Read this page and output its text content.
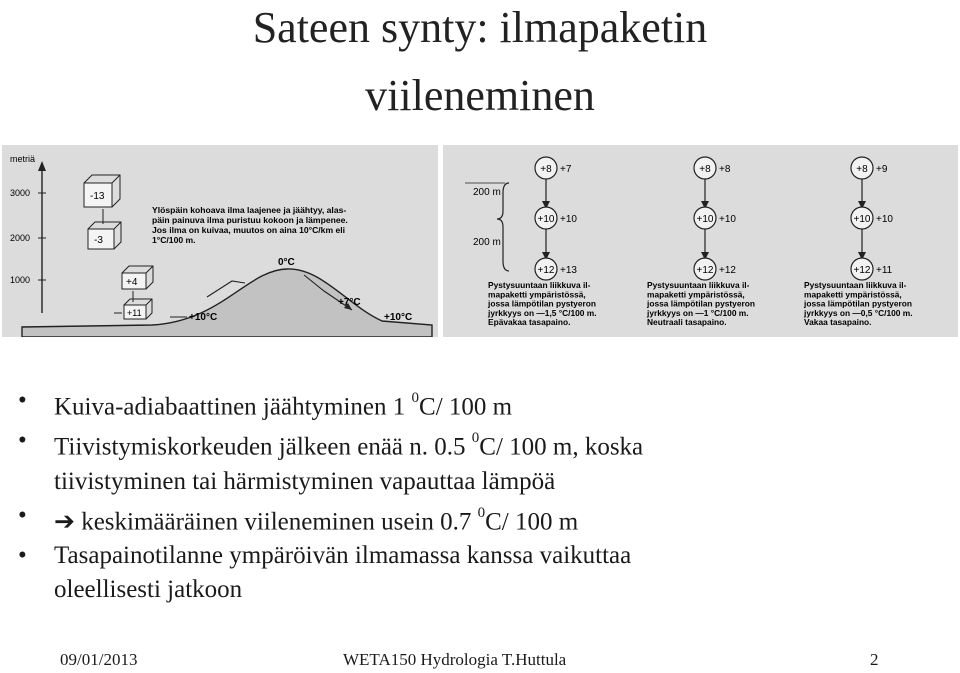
Sateen synty: ilmapaketin
viileneminen
metriä
3000
2000
1000
-13
-3
+4
+11
Ylöspäin kohoava ilma laajenee ja jäähtyy, alas-
päin painuva ilma puristuu kokoon ja lämpenee.
Jos ilma on kuivaa, muutos on aina 10°C/km eli
1°C/100 m.
+10°C
0°C
+7°C
+10°C
200 m
200 m
+8 +7
+10 +10
+12 +13
Pystysuuntaan liikkuva il-
mapaketti ympäristössä,
jossa lämpötilan pystyeron
jyrkkyys on —1,5 °C/100 m.
Epävakaa tasapaino.
+8 +8
+10 +10
+12 +12
Pystysuuntaan liikkuva il-
mapaketti ympäristössä,
jossa lämpötilan pystyeron
jyrkkyys on —1 °C/100 m.
Neutraali tasapaino.
+8 +9
+10 +10
+12 +11
Pystysuuntaan liikkuva il-
mapaketti ympäristössä,
jossa lämpötilan pystyeron
jyrkkyys on —0,5 °C/100 m.
Vakaa tasapaino.
• Kuiva-adiabaattinen jäähtyminen 1 $^0$C/ 100 m
• Tiivistymiskorkeuden jälkeen enää n. 0.5 $^0$C/ 100 m, koska
tiivistyminen tai härmistyminen vapauttaa lämpöä
• ➔ keskimääräinen viileneminen usein 0.7 $^0$C/ 100 m
• Tasapainotilanne ympäröivän ilmamassa kanssa vaikuttaa
oleellisesti jatkoon
09/01/2013	WETA150 Hydrologia T.Huttula	2
